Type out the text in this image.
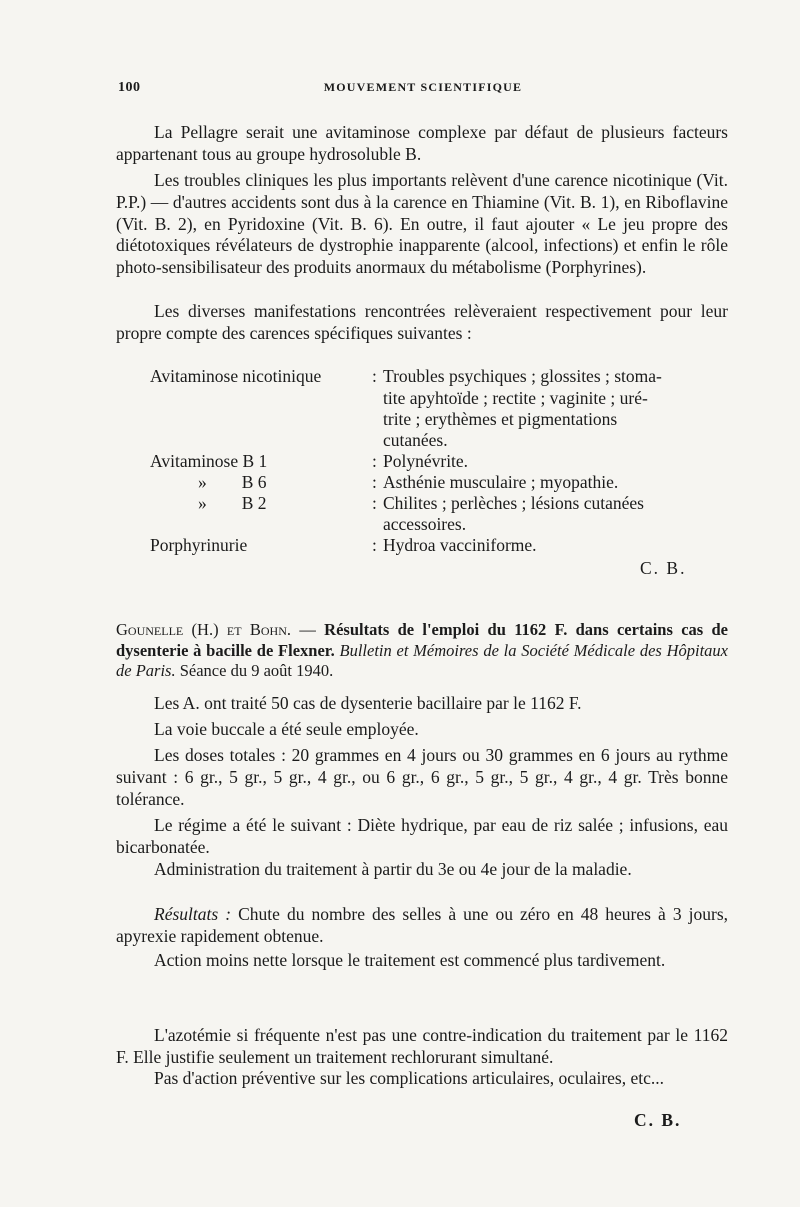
100	MOUVEMENT SCIENTIFIQUE

La Pellagre serait une avitaminose complexe par défaut de plusieurs facteurs appartenant tous au groupe hydrosoluble B.

Les troubles cliniques les plus importants relèvent d'une carence nicotinique (Vit. P.P.) — d'autres accidents sont dus à la carence en Thiamine (Vit. B. 1), en Riboflavine (Vit. B. 2), en Pyridoxine (Vit. B. 6). En outre, il faut ajouter « Le jeu propre des diétotoxiques révélateurs de dystrophie inapparente (alcool, infections) et enfin le rôle photo-sensibilisateur des produits anormaux du métabolisme (Porphyrines).

Les diverses manifestations rencontrées relèveraient respectivement pour leur propre compte des carences spécifiques suivantes :

Avitaminose nicotinique	: Troubles psychiques ; glossites ; stoma-
tite apyhtoïde ; rectite ; vaginite ; uré-
trite ; erythèmes et pigmentations
cutanées.
Avitaminose B 1	: Polynévrite.
»  B 6	: Asthénie musculaire ; myopathie.
»  B 2	: Chilites ; perlèches ; lésions cutanées
accessoires.
Porphyrinurie	: Hydroa vacciniforme.
C. B.

Gounelle (H.) et Bohn. — Résultats de l'emploi du 1162 F. dans certains cas de dysenterie à bacille de Flexner. Bulletin et Mémoires de la Société Médicale des Hôpitaux de Paris. Séance du 9 août 1940.

Les A. ont traité 50 cas de dysenterie bacillaire par le 1162 F.

La voie buccale a été seule employée.

Les doses totales : 20 grammes en 4 jours ou 30 grammes en 6 jours au rythme suivant : 6 gr., 5 gr., 5 gr., 4 gr., ou 6 gr., 6 gr., 5 gr., 5 gr., 4 gr., 4 gr. Très bonne tolérance.

Le régime a été le suivant : Diète hydrique, par eau de riz salée ; infusions, eau bicarbonatée.

Administration du traitement à partir du 3e ou 4e jour de la maladie.

Résultats : Chute du nombre des selles à une ou zéro en 48 heures à 3 jours, apyrexie rapidement obtenue.

Action moins nette lorsque le traitement est commencé plus tardivement.

L'azotémie si fréquente n'est pas une contre-indication du traitement par le 1162 F. Elle justifie seulement un traitement rechlorurant simultané.

Pas d'action préventive sur les complications articulaires, oculaires, etc...

C. B.
